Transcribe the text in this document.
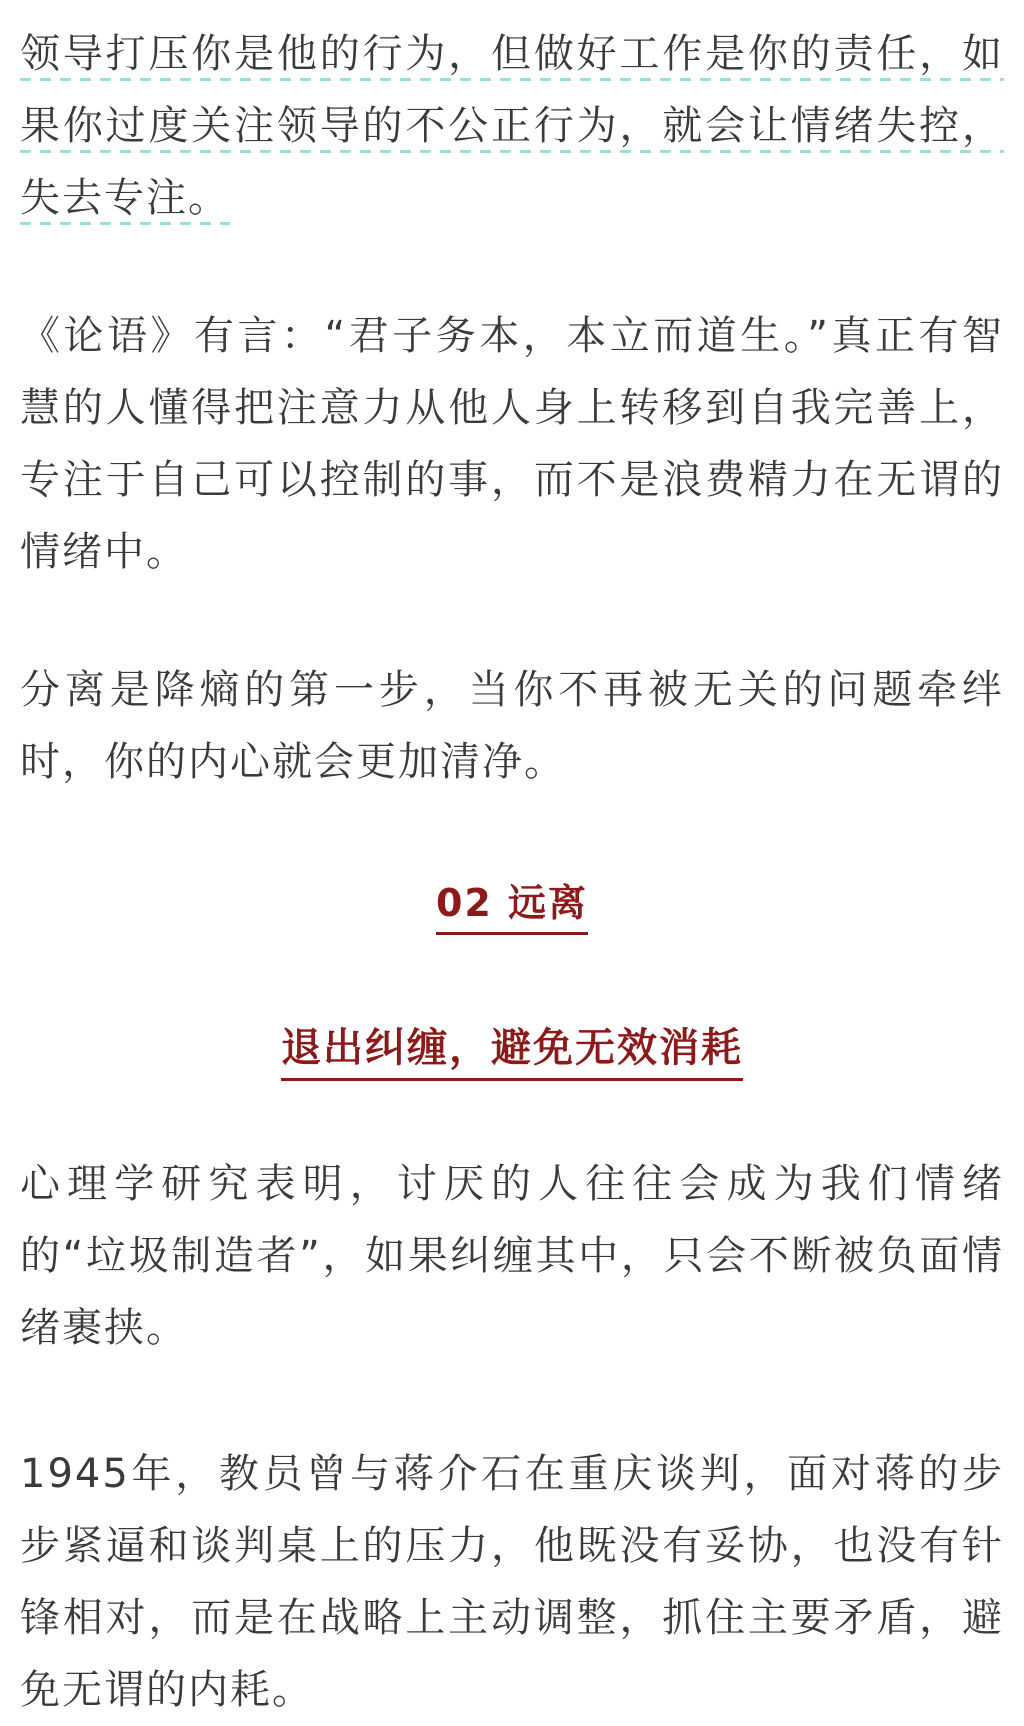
领导打压你是他的行为，但做好工作是你的责任，如果你过度关注领导的不公正行为，就会让情绪失控，失去专注。

《论语》有言：“君子务本，本立而道生。”真正有智慧的人懂得把注意力从他人身上转移到自我完善上，专注于自己可以控制的事，而不是浪费精力在无谓的情绪中。

分离是降熵的第一步，当你不再被无关的问题牵绊时，你的内心就会更加清净。

02 远离
退出纠缠，避免无效消耗

心理学研究表明，讨厌的人往往会成为我们情绪的“垃圾制造者”，如果纠缠其中，只会不断被负面情绪裹挟。

1945年，教员曾与蒋介石在重庆谈判，面对蒋的步步紧逼和谈判桌上的压力，他既没有妥协，也没有针锋相对，而是在战略上主动调整，抓住主要矛盾，避免无谓的内耗。
